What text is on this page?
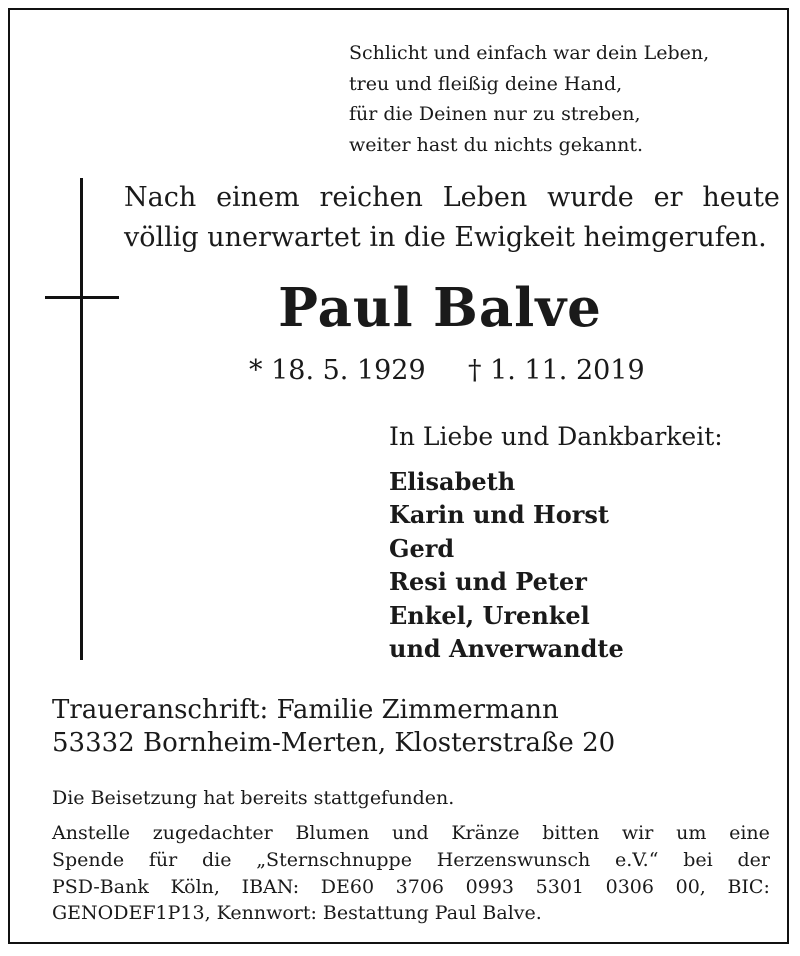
Schlicht und einfach war dein Leben,
treu und fleißig deine Hand,
für die Deinen nur zu streben,
weiter hast du nichts gekannt.
Nach einem reichen Leben wurde er heute
völlig unerwartet in die Ewigkeit heimgerufen.
Paul Balve
* 18. 5. 1929 † 1. 11. 2019
In Liebe und Dankbarkeit:
Elisabeth
Karin und Horst
Gerd
Resi und Peter
Enkel, Urenkel
und Anverwandte
Traueranschrift: Familie Zimmermann
53332 Bornheim-Merten, Klosterstraße 20
Die Beisetzung hat bereits stattgefunden.
Anstelle zugedachter Blumen und Kränze bitten wir um eine
Spende für die „Sternschnuppe Herzenswunsch e.V.“ bei der
PSD-Bank Köln, IBAN: DE60 3706 0993 5301 0306 00, BIC:
GENODEF1P13, Kennwort: Bestattung Paul Balve.
